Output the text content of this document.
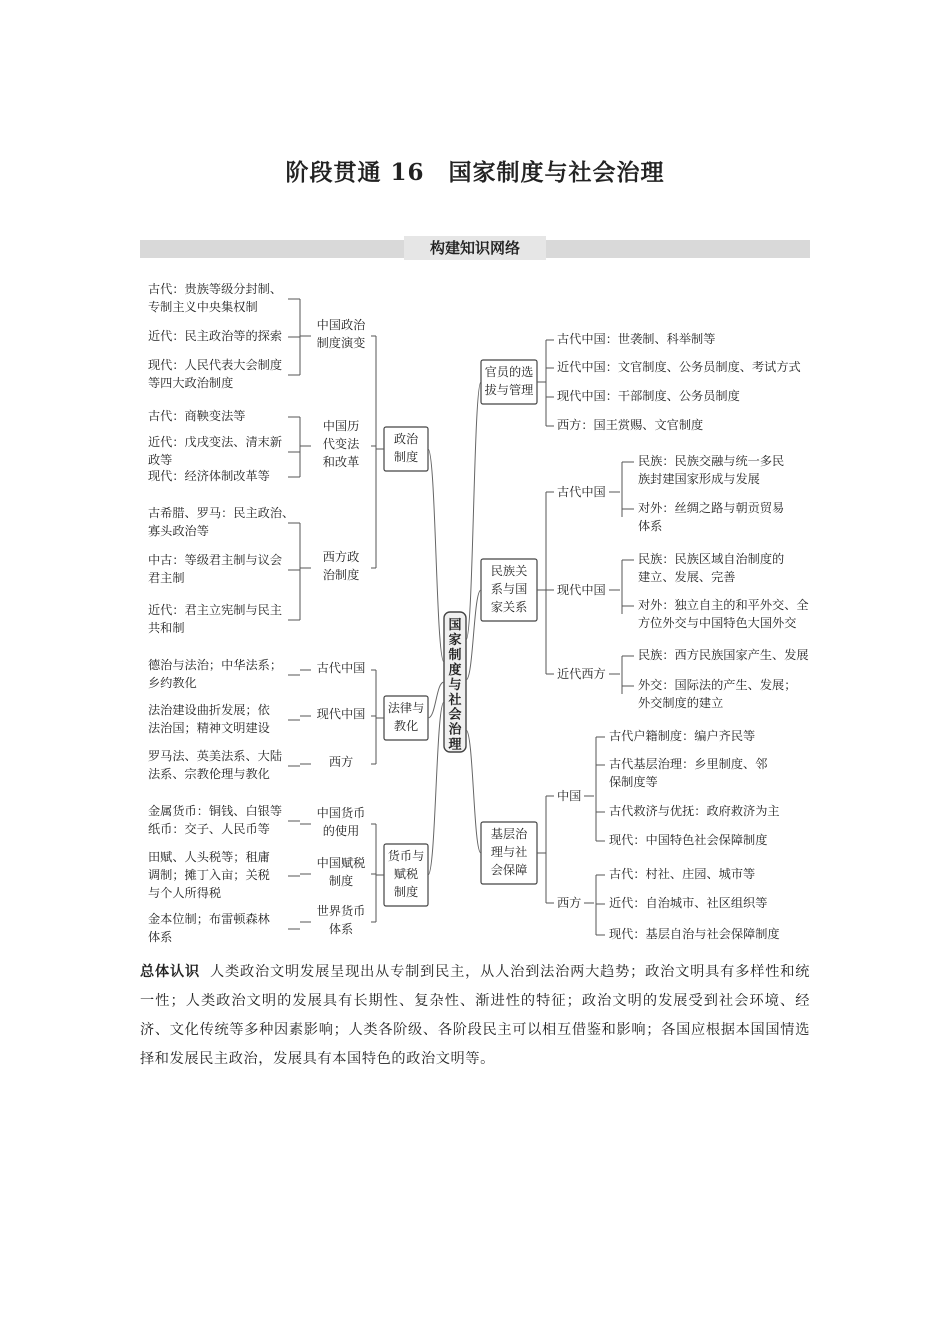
阶段贯通 16　国家制度与社会治理
构建知识网络
国家制度与社会治理
政治制度
中国政治制度演变
古代：贵族等级分封制、专制主义中央集权制
近代：民主政治等的探索
现代：人民代表大会制度等四大政治制度
中国历代变法和改革
古代：商鞅变法等
近代：戊戌变法、清末新政等
现代：经济体制改革等
西方政治制度
古希腊、罗马：民主政治、寡头政治等
中古：等级君主制与议会君主制
近代：君主立宪制与民主共和制
法律与教化
古代中国
德治与法治；中华法系；乡约教化
现代中国
法治建设曲折发展；依法治国；精神文明建设
西方
罗马法、英美法系、大陆法系、宗教伦理与教化
货币与赋税制度
中国货币的使用
金属货币：铜钱、白银等纸币：交子、人民币等
中国赋税制度
田赋、人头税等；租庸调制；摊丁入亩；关税与个人所得税
世界货币体系
金本位制；布雷顿森林体系
官员的选拔与管理
古代中国：世袭制、科举制等
近代中国：文官制度、公务员制度、考试方式
现代中国：干部制度、公务员制度
西方：国王赏赐、文官制度
民族关系与国家关系
古代中国
民族：民族交融与统一多民族封建国家形成与发展
对外：丝绸之路与朝贡贸易体系
现代中国
民族：民族区域自治制度的建立、发展、完善
对外：独立自主的和平外交、全方位外交与中国特色大国外交
近代西方
民族：西方民族国家产生、发展
外交：国际法的产生、发展；外交制度的建立
基层治理与社会保障
中国
古代户籍制度：编户齐民等
古代基层治理：乡里制度、邻保制度等
古代救济与优抚：政府救济为主
现代：中国特色社会保障制度
西方
古代：村社、庄园、城市等
近代：自治城市、社区组织等
现代：基层自治与社会保障制度
总体认识 人类政治文明发展呈现出从专制到民主，从人治到法治两大趋势；政治文明具有多样性和统一性；人类政治文明的发展具有长期性、复杂性、渐进性的特征；政治文明的发展受到社会环境、经济、文化传统等多种因素影响；人类各阶级、各阶段民主可以相互借鉴和影响；各国应根据本国国情选择和发展民主政治，发展具有本国特色的政治文明等。
